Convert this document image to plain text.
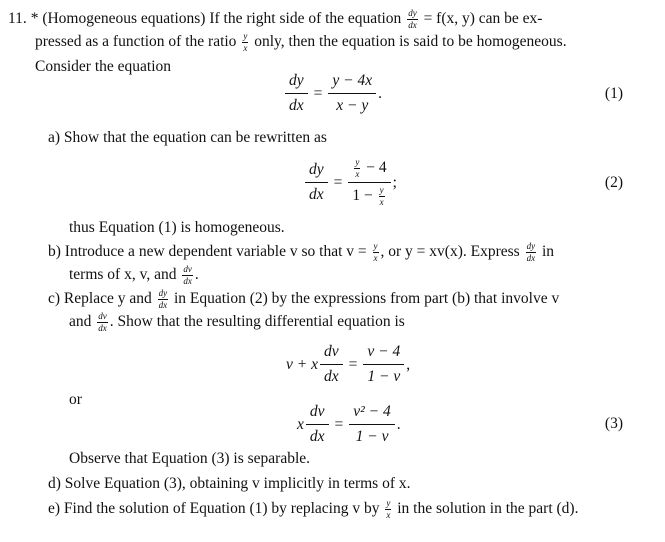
11. * (Homogeneous equations) If the right side of the equation $\frac{dy}{dx} = f(x$, y) can be ex-
pressed as a function of the ratio $\frac{y}{x}$ only, then the equation is said to be homogeneous.
Consider the equation
$\frac{dy}{dx} = \frac{y - 4x}{x - y}$ .	(1)
a) Show that the equation can be rewritten as
$\frac{dy}{dx} = \frac{\frac{y}{x} - 4}{1 - \frac{y}{x}}$ ;	(2)
thus Equation (1) is homogeneous.
b) Introduce a new dependent variable v so that $v = \frac{y}{x}$ , or y = xv(x). Express $\frac{dy}{dx}$ in
terms of x, v, and $\frac{dv}{dx}$ .
c) Replace y and $\frac{dy}{dx}$ in Equation (2) by the expressions from part (b) that involve v
and $\frac{dv}{dx}$ . Show that the resulting differential equation is
v + x $\frac{dv}{dx} = \frac{v - 4}{1 - v}$ ,
or
x $\frac{dv}{dx} = \frac{\text{v² − 4}}{1 - v}$ .	(3)
Observe that Equation (3) is separable.
d) Solve Equation (3), obtaining v implicitly in terms of x.
e) Find the solution of Equation (1) by replacing v by $\frac{y}{x}$ in the solution in the part (d).
